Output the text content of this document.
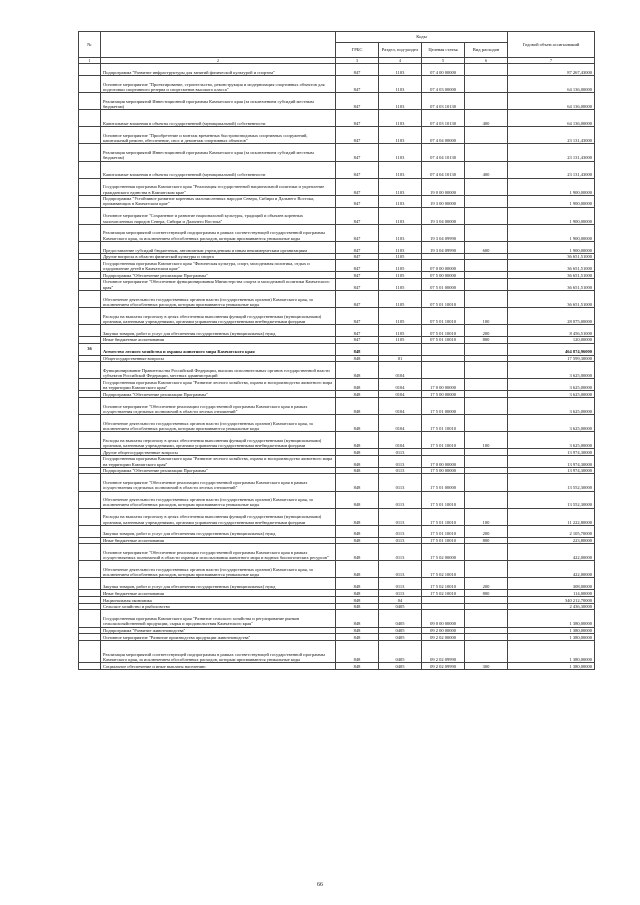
№		Коды				Годовой объем ассигнований
		ГРБС	Раздел, под-раздел	Целевая статья	Вид расходов	
1	2	3	4	5	6	7
	Подпрограмма "Развитие инфраструктуры для занятий физической культурой и спортом"	847	1103	07 4 00 00000		87 267,43000
	Основное мероприятие "Проектирование, строительство, реконструкция и модернизация спортивных объектов для подготовки спортивного резерва и спортсменов высокого класса"	847	1103	07 4 03 00000		64 136,00000
	Реализация мероприятий Инвестиционной программы Камчатского края (за исключением субсидий местным бюджетам)	847	1103	07 4 03 10130		64 136,00000
	Капитальные вложения в объекты государственной (муниципальной) собственности	847	1103	07 4 03 10130	400	64 136,00000
	Основное мероприятие "Приобретение и монтаж временных быстровозводимых спортивных сооружений, капитальный ремонт, обеспечение, снос и демонтаж спортивных объектов"	847	1103	07 4 04 00000		23 131,43000
	Реализация мероприятий Инвестиционной программы Камчатского края (за исключением субсидий местным бюджетам)	847	1103	07 4 04 10130		23 131,43000
	Капитальные вложения в объекты государственной (муниципальной) собственности	847	1103	07 4 04 10130	400	23 131,43000
	Государственная программа Камчатского края "Реализация государственной национальной политики и укрепление гражданского единства в Камчатском крае"	847	1103	19 0 00 00000		1 900,00000
	Подпрограмма "Устойчивое развитие коренных малочисленных народов Севера, Сибири и Дальнего Востока, проживающих в Камчатском крае"	847	1103	19 3 00 00000		1 900,00000
	Основное мероприятие "Сохранение и развитие национальной культуры, традиций и обычаев коренных малочисленных народов Севера, Сибири и Дальнего Востока"	847	1103	19 3 04 00000		1 900,00000
	Реализация мероприятий соответствующей подпрограммы в рамках соответствующей государственной программы Камчатского края, за исключением обособленных расходов, которым присваиваются уникальные коды	847	1103	19 3 04 09990		1 900,00000
	Предоставление субсидий бюджетным, автономным учреждениям и иным некоммерческим организациям	847	1103	19 3 04 09990	600	1 900,00000
	Другие вопросы в области физической культуры и спорта	847	1105			36 651,51000
	Государственная программа Камчатского края "Физическая культура, спорт, молодежная политика, отдых и оздоровление детей в Камчатском крае"	847	1105	07 0 00 00000		36 651,51000
	Подпрограмма "Обеспечение реализации Программы"	847	1105	07 5 00 00000		36 651,51000
	Основное мероприятие "Обеспечение функционирования Министерства спорта и молодежной политики Камчатского края"	847	1105	07 5 01 00000		36 651,51000
	Обеспечение деятельности государственных органов власти (государственных органов) Камчатского края, за исключением обособленных расходов, которым присваиваются уникальные коды	847	1105	07 5 01 10010		36 651,51000
	Расходы на выплаты персоналу в целях обеспечения выполнения функций государственными (муниципальными) органами, казенными учреждениями, органами управления государственными внебюджетными фондами	847	1105	07 5 01 10010	100	28 075,00000
	Закупка товаров, работ и услуг для обеспечения государственных (муниципальных) нужд	847	1105	07 5 01 10010	200	8 456,51000
	Иные бюджетные ассигнования	847	1105	07 5 01 10010	800	120,00000
36	Агентство лесного хозяйства и охраны животного мира Камчатского края	848				464 874,96000
	Общегосударственные вопросы	848	01			17 599,30000
	Функционирование Правительства Российской Федерации, высших исполнительных органов государственной власти субъектов Российской Федерации, местных администраций	848	0104			3 625,00000
	Государственная программа Камчатского края "Развитие лесного хозяйства, охрана и воспроизводство животного мира на территории Камчатского края"	848	0104	17 0 00 00000		3 625,00000
	Подпрограмма "Обеспечение реализации Программы"	848	0104	17 5 00 00000		3 625,00000
	Основное мероприятие "Обеспечение реализации государственной программы Камчатского края в рамках осуществления отдельных полномочий в области лесных отношений"	848	0104	17 5 01 00000		3 625,00000
	Обеспечение деятельности государственных органов власти (государственных органов) Камчатского края, за исключением обособленных расходов, которым присваиваются уникальные коды	848	0104	17 5 01 10010		3 625,00000
	Расходы на выплаты персоналу в целях обеспечения выполнения функций государственными (муниципальными) органами, казенными учреждениями, органами управления государственными внебюджетными фондами	848	0104	17 5 01 10010	100	3 625,00000
	Другие общегосударственные вопросы	848	0113			13 974,30000
	Государственная программа Камчатского края "Развитие лесного хозяйства, охрана и воспроизводство животного мира на территории Камчатского края"	848	0113	17 0 00 00000		13 974,30000
	Подпрограмма "Обеспечение реализации Программы"	848	0113	17 5 00 00000		13 974,30000
	Основное мероприятие "Обеспечение реализации государственной программы Камчатского края в рамках осуществления отдельных полномочий в области лесных отношений"	848	0113	17 5 01 00000		13 552,30000
	Обеспечение деятельности государственных органов власти (государственных органов) Камчатского края, за исключением обособленных расходов, которым присваиваются уникальные коды	848	0113	17 5 01 10010		13 552,30000
	Расходы на выплаты персоналу в целях обеспечения выполнения функций государственными (муниципальными) органами, казенными учреждениями, органами управления государственными внебюджетными фондами	848	0113	17 5 01 10010	100	11 222,80000
	Закупка товаров, работ и услуг для обеспечения государственных (муниципальных) нужд	848	0113	17 5 01 10010	200	2 105,70000
	Иные бюджетные ассигнования	848	0113	17 5 01 10010	800	223,80000
	Основное мероприятие "Обеспечение реализации государственной программы Камчатского края в рамках осуществляемых полномочий в области охраны и использования животного мира и водных биологических ресурсов"	848	0113	17 5 02 00000		422,00000
	Обеспечение деятельности государственных органов власти (государственных органов) Камчатского края, за исключением обособленных расходов, которым присваиваются уникальные коды	848	0113	17 5 02 10010		422,00000
	Закупка товаров, работ и услуг для обеспечения государственных (муниципальных) нужд	848	0113	17 5 02 10010	200	308,00000
	Иные бюджетные ассигнования	848	0113	17 5 02 10010	800	114,00000
	Национальная экономика	848	04			340 212,70000
	Сельское хозяйство и рыболовство	848	0405			2 436,30000
	Государственная программа Камчатского края "Развитие сельского хозяйства и регулирование рынков сельскохозяйственной продукции, сырья и продовольствия Камчатского края"	848	0405	09 0 00 00000		1 380,00000
	Подпрограмма "Развитие животноводства"	848	0405	09 2 00 00000		1 380,00000
	Основное мероприятие "Развитие производства продукции животноводства"	848	0405	09 2 02 00000		1 380,00000
	Реализация мероприятий соответствующей подпрограммы в рамках соответствующей государственной программы Камчатского края, за исключением обособленных расходов, которым присваиваются уникальные коды	848	0405	09 2 02 09990		1 380,00000
	Социальное обеспечение и иные выплаты населению	848	0405	09 2 02 09990	300	1 380,00000
66
